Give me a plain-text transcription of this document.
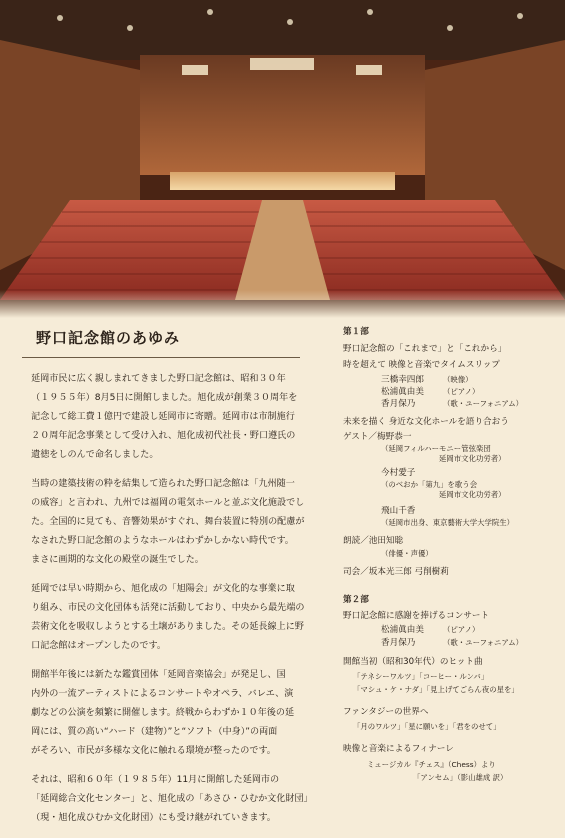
野口記念館のあゆみ
延岡市民に広く親しまれてきました野口記念館は、昭和３０年
（１９５５年）8月5日に開館しました。旭化成が創業３０周年を
記念して総工費１億円で建設し延岡市に寄贈。延岡市は市制施行
２０周年記念事業として受け入れ、旭化成初代社長・野口遵氏の
遺徳をしのんで命名しました。
当時の建築技術の粋を結集して造られた野口記念館は「九州随一
の威容」と言われ、九州では福岡の電気ホールと並ぶ文化施設でし
た。全国的に見ても、音響効果がすぐれ、舞台装置に特別の配慮が
なされた野口記念館のようなホールはわずかしかない時代です。
まさに画期的な文化の殿堂の誕生でした。
延岡では早い時期から、旭化成の「旭陽会」が文化的な事業に取
り組み、市民の文化団体も活発に活動しており、中央から最先端の
芸術文化を吸収しようとする土壌がありました。その延長線上に野
口記念館はオープンしたのです。
開館半年後には新たな鑑賞団体「延岡音楽協会」が発足し、国
内外の一流アーティストによるコンサートやオペラ、バレエ、演
劇などの公演を頻繁に開催します。終戦からわずか１０年後の延
岡には、質の高い“ハード（建物）”と“ソフト（中身）”の両面
がそろい、市民が多様な文化に触れる環境が整ったのです。
それは、昭和６０年（１９８５年）11月に開館した延岡市の
「延岡総合文化センター」と、旭化成の「あさひ・ひむか文化財団」
（現・旭化成ひむか文化財団）にも受け継がれていきます。
第１部
野口記念館の「これまで」と「これから」
時を超えて 映像と音楽でタイムスリップ
三橋幸四郎	（映像）
松浦眞由美	（ピアノ）
香月保乃	（歌・ユーフォニアム）
未来を描く 身近な文化ホールを語り合おう
ゲスト／梅野恭一
（延岡フィルハーモニー管弦楽団
延岡市文化功労者）
今村愛子
（のべおか「第九」を歌う会
延岡市文化功労者）
飛山千香
（延岡市出身、東京藝術大学大学院生）
朗読／池田知聡
（俳優・声優）
司会／坂本光三郎 弓削樹莉
第２部
野口記念館に感謝を捧げるコンサート
松浦眞由美	（ピアノ）
香月保乃	（歌・ユーフォニアム）
開館当初（昭和30年代）のヒット曲
「テネシーワルツ」「コーヒー・ルンバ」
「マシュ・ケ・ナダ」「見上げてごらん夜の星を」
ファンタジーの世界へ
「月のワルツ」「星に願いを」「君をのせて」
映像と音楽によるフィナーレ
ミュージカル『チェス』（Chess）より
「アンセム」（影山雄成 訳）
